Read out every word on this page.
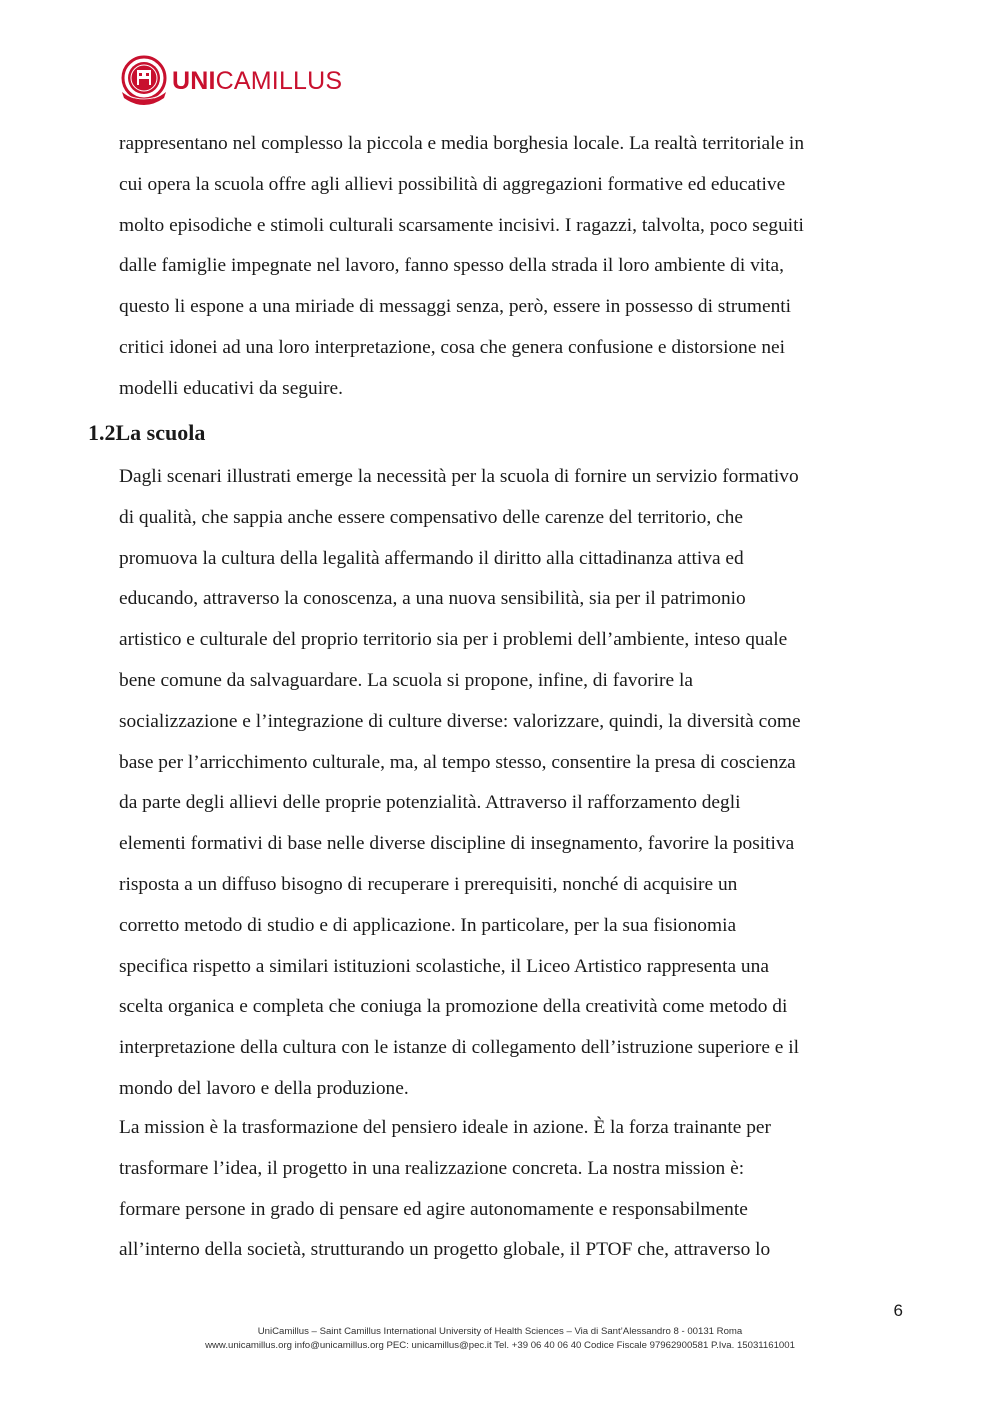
UNICAMILLUS

rappresentano nel complesso la piccola e media borghesia locale. La realtà territoriale in
cui opera la scuola offre agli allievi possibilità di aggregazioni formative ed educative
molto episodiche e stimoli culturali scarsamente incisivi. I ragazzi, talvolta, poco seguiti
dalle famiglie impegnate nel lavoro, fanno spesso della strada il loro ambiente di vita,
questo li espone a una miriade di messaggi senza, però, essere in possesso di strumenti
critici idonei ad una loro interpretazione, cosa che genera confusione e distorsione nei
modelli educativi da seguire.

1.2La scuola

Dagli scenari illustrati emerge la necessità per la scuola di fornire un servizio formativo
di qualità, che sappia anche essere compensativo delle carenze del territorio, che
promuova la cultura della legalità affermando il diritto alla cittadinanza attiva ed
educando, attraverso la conoscenza, a una nuova sensibilità, sia per il patrimonio
artistico e culturale del proprio territorio sia per i problemi dell’ambiente, inteso quale
bene comune da salvaguardare. La scuola si propone, infine, di favorire la
socializzazione e l’integrazione di culture diverse: valorizzare, quindi, la diversità come
base per l’arricchimento culturale, ma, al tempo stesso, consentire la presa di coscienza
da parte degli allievi delle proprie potenzialità. Attraverso il rafforzamento degli
elementi formativi di base nelle diverse discipline di insegnamento, favorire la positiva
risposta a un diffuso bisogno di recuperare i prerequisiti, nonché di acquisire un
corretto metodo di studio e di applicazione. In particolare, per la sua fisionomia
specifica rispetto a similari istituzioni scolastiche, il Liceo Artistico rappresenta una
scelta organica e completa che coniuga la promozione della creatività come metodo di
interpretazione della cultura con le istanze di collegamento dell’istruzione superiore e il
mondo del lavoro e della produzione.

La mission è la trasformazione del pensiero ideale in azione. È la forza trainante per
trasformare l’idea, il progetto in una realizzazione concreta. La nostra mission è:
formare persone in grado di pensare ed agire autonomamente e responsabilmente
all’interno della società, strutturando un progetto globale, il PTOF che, attraverso lo

6
UniCamillus – Saint Camillus International University of Health Sciences – Via di Sant’Alessandro 8 - 00131 Roma
www.unicamillus.org info@unicamillus.org PEC: unicamillus@pec.it Tel. +39 06 40 06 40 Codice Fiscale 97962900581 P.Iva. 15031161001
